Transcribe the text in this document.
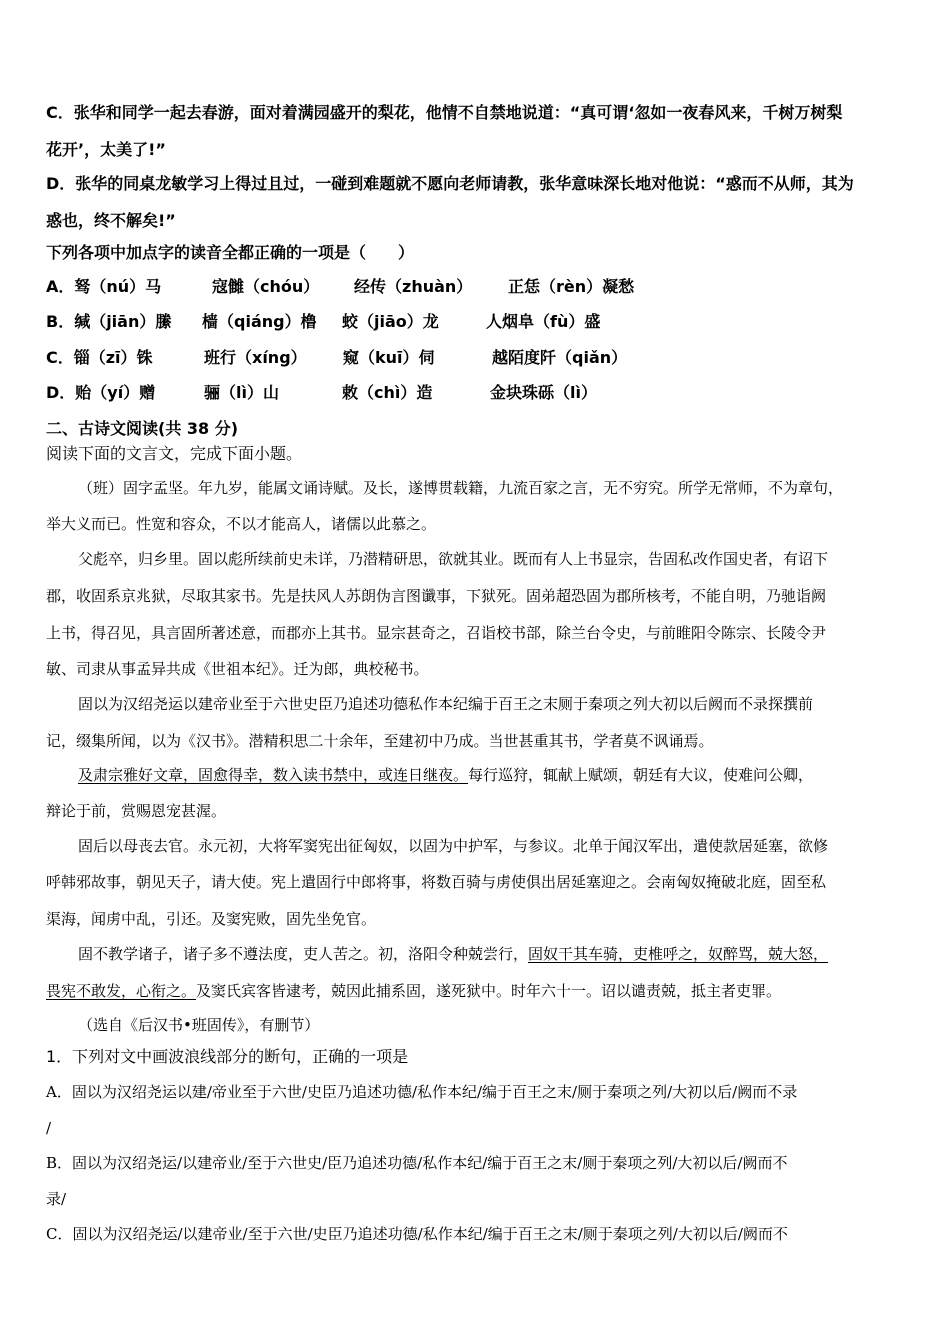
C．张华和同学一起去春游，面对着满园盛开的梨花，他情不自禁地说道：“真可谓‘忽如一夜春风来，千树万树梨
花开’，太美了!”
D．张华的同桌龙敏学习上得过且过，一碰到难题就不愿向老师请教，张华意味深长地对他说：“惑而不从师，其为
惑也，终不解矣!”
下列各项中加点字的读音全都正确的一项是（　　）
A．驽（nú）马	寇雠（chóu） 经传（zhuàn） 正恁（rèn）凝愁
B．缄（jiān）縢 樯（qiáng）橹 蛟（jiāo）龙	人烟阜（fù）盛
C．锱（zī）铢	班行（xíng） 窥（kuī）伺	越陌度阡（qiǎn）
D．贻（yí）赠	骊（lì）山	敕（chì）造	金块珠砾（lì）
二、古诗文阅读(共 38 分)
阅读下面的文言文，完成下面小题。
（班）固字孟坚。年九岁，能属文诵诗赋。及长，遂博贯载籍，九流百家之言，无不穷究。所学无常师，不为章句，
举大义而已。性宽和容众，不以才能高人，诸儒以此慕之。
父彪卒，归乡里。固以彪所续前史未详，乃潜精研思，欲就其业。既而有人上书显宗，告固私改作国史者，有诏下
郡，收固系京兆狱，尽取其家书。先是扶风人苏朗伪言图谶事，下狱死。固弟超恐固为郡所核考，不能自明，乃驰诣阙
上书，得召见，具言固所著述意，而郡亦上其书。显宗甚奇之，召诣校书部，除兰台令史，与前睢阳令陈宗、长陵令尹
敏、司隶从事孟异共成《世祖本纪》。迁为郎，典校秘书。
固以为汉绍尧运以建帝业至于六世史臣乃追述功德私作本纪编于百王之末厕于秦项之列大初以后阙而不录探撰前
记，缀集所闻，以为《汉书》。潜精积思二十余年，至建初中乃成。当世甚重其书，学者莫不讽诵焉。
及肃宗雅好文章，固愈得幸，数入读书禁中，或连日继夜。每行巡狩，辄献上赋颂，朝廷有大议，使难问公卿，
辩论于前，赏赐恩宠甚渥。
固后以母丧去官。永元初，大将军窦宪出征匈奴，以固为中护军，与参议。北单于闻汉军出，遣使款居延塞，欲修
呼韩邪故事，朝见天子，请大使。宪上遣固行中郎将事，将数百骑与虏使俱出居延塞迎之。会南匈奴掩破北庭，固至私
渠海，闻虏中乱，引还。及窦宪败，固先坐免官。
固不教学诸子，诸子多不遵法度，吏人苦之。初，洛阳令种兢尝行，固奴干其车骑，吏椎呼之，奴醉骂，兢大怒，
畏宪不敢发，心衔之。及窦氏宾客皆逮考，兢因此捕系固，遂死狱中。时年六十一。诏以谴责兢，抵主者吏罪。
（选自《后汉书•班固传》，有删节）
1．下列对文中画波浪线部分的断句，正确的一项是
A．固以为汉绍尧运以建/帝业至于六世/史臣乃追述功德/私作本纪/编于百王之末/厕于秦项之列/大初以后/阙而不录
/
B．固以为汉绍尧运/以建帝业/至于六世史/臣乃追述功德/私作本纪/编于百王之末/厕于秦项之列/大初以后/阙而不
录/
C．固以为汉绍尧运/以建帝业/至于六世/史臣乃追述功德/私作本纪/编于百王之末/厕于秦项之列/大初以后/阙而不
